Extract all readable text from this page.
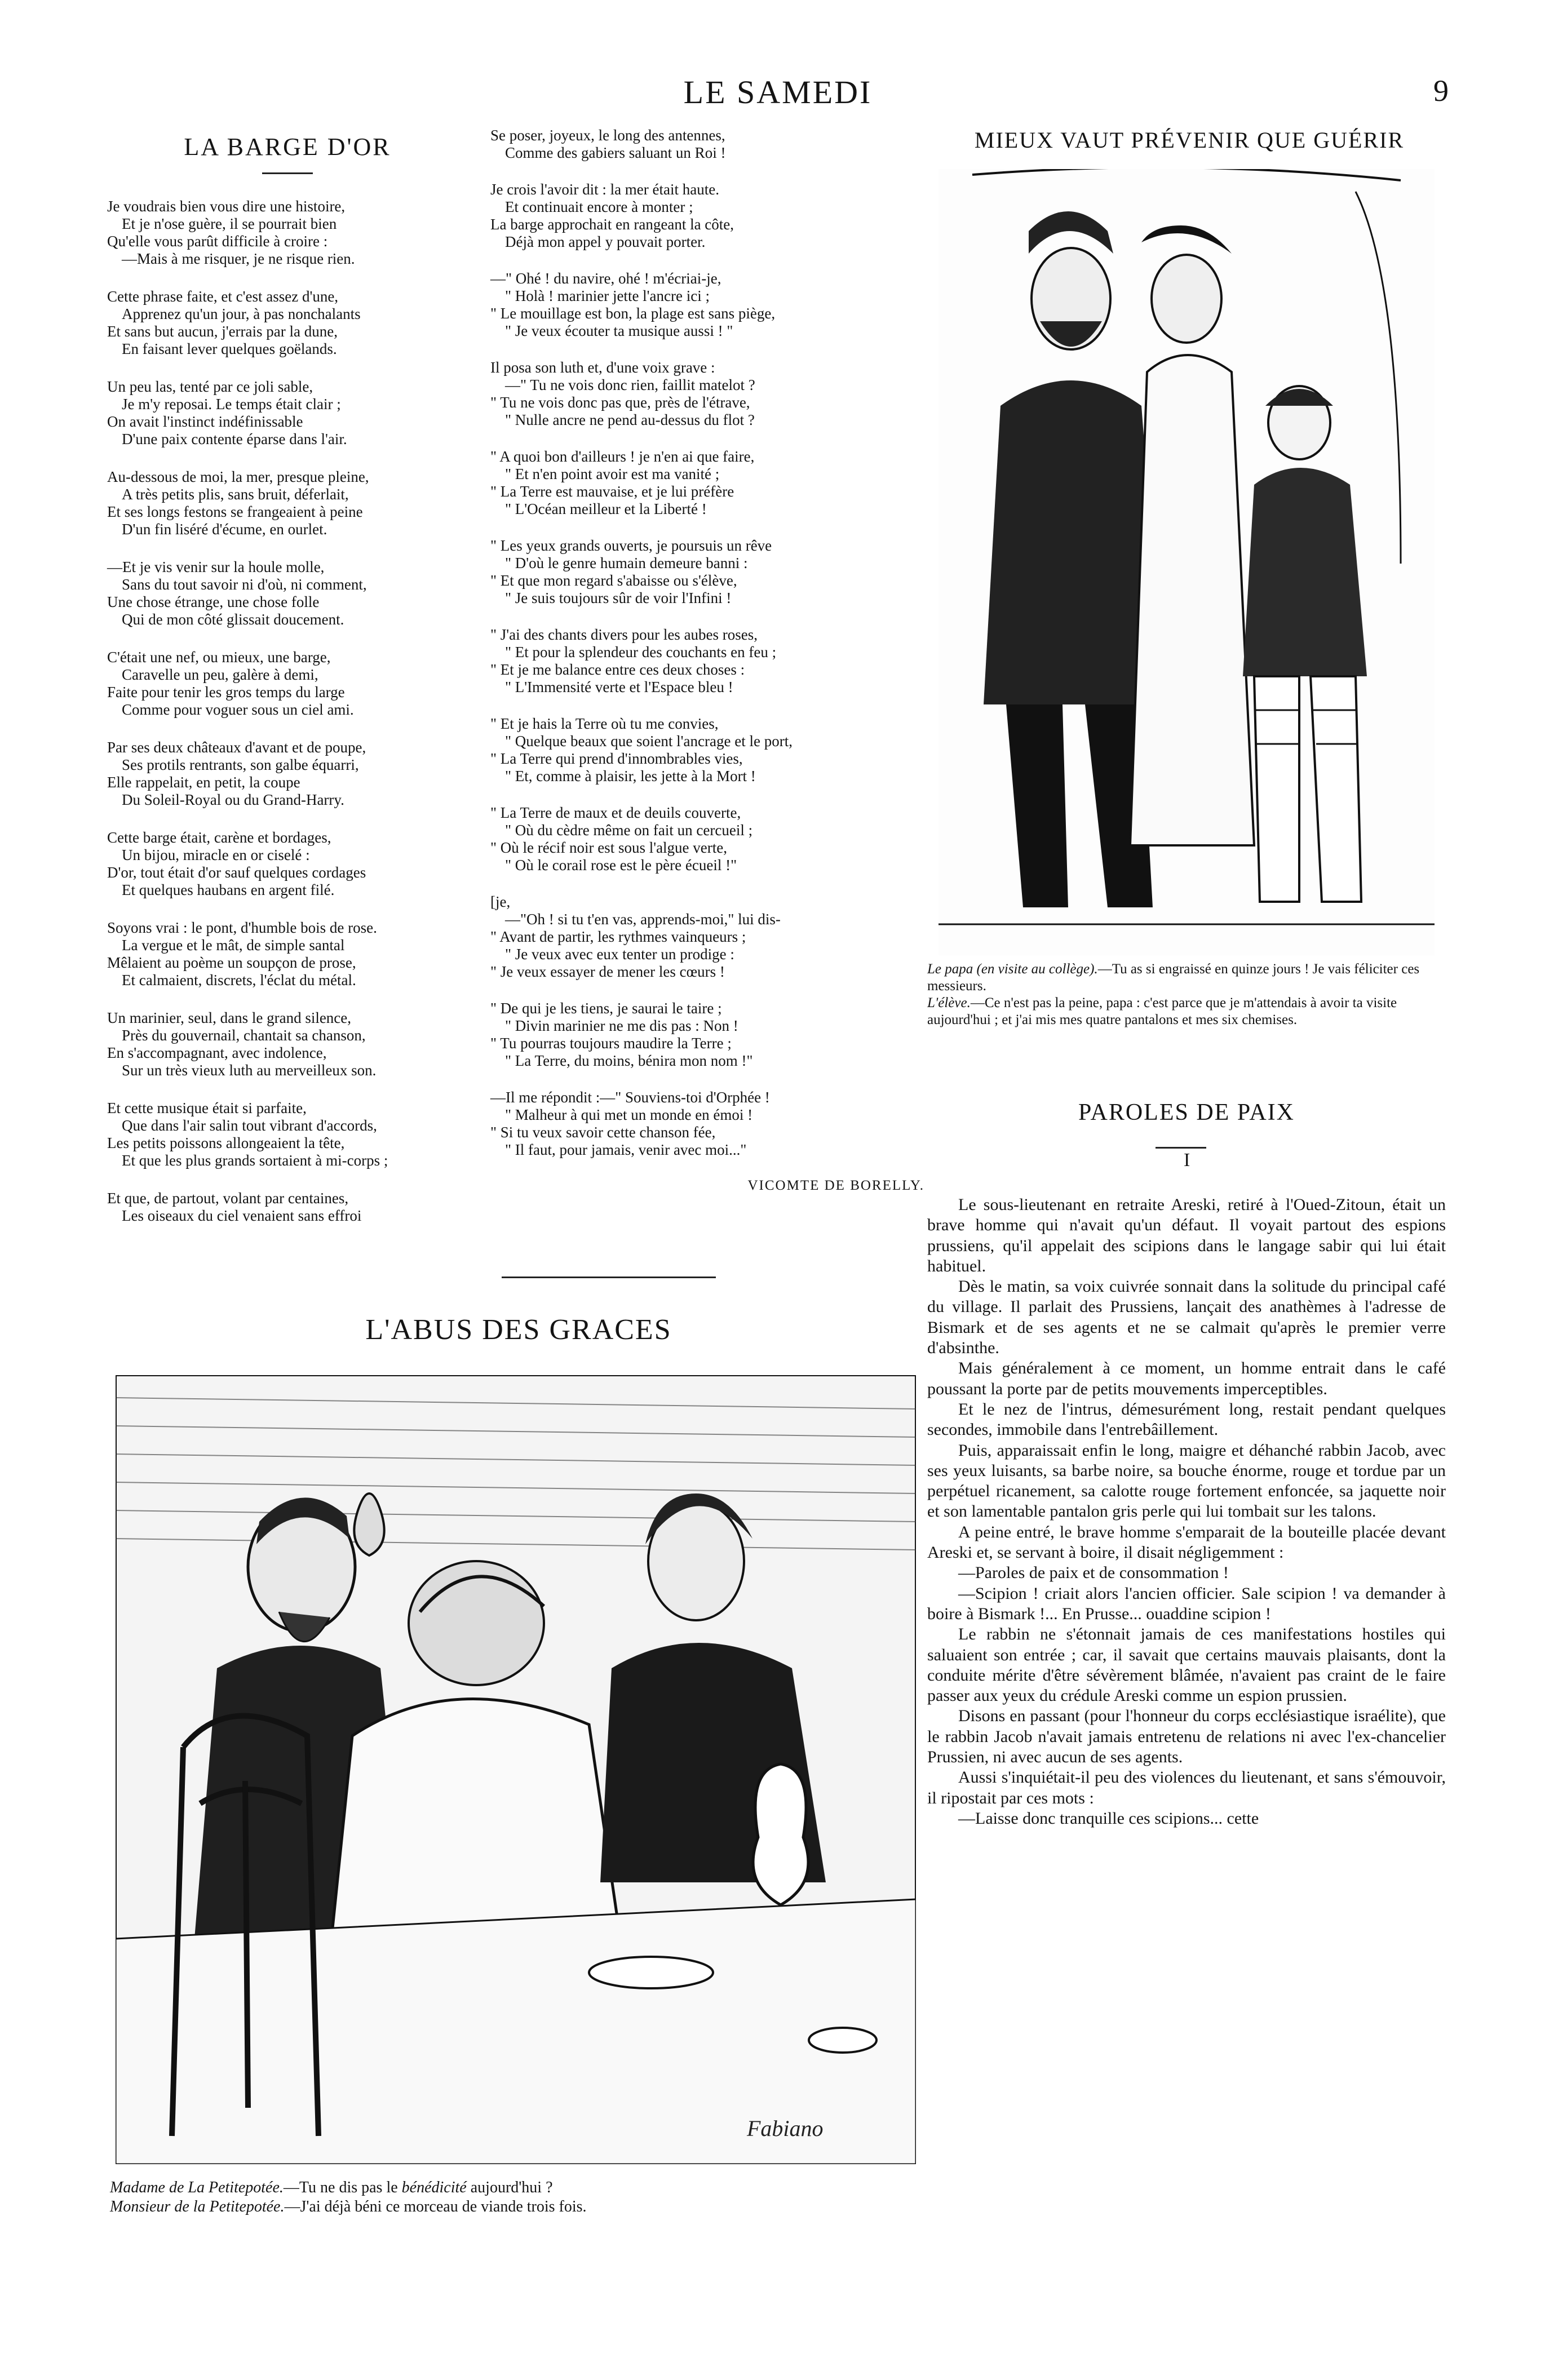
LE SAMEDI	9
LA BARGE D'OR
Je voudrais bien vous dire une histoire,
Et je n'ose guère, il se pourrait bien
Qu'elle vous parût difficile à croire :
—Mais à me risquer, je ne risque rien.
Cette phrase faite, et c'est assez d'une,
Apprenez qu'un jour, à pas nonchalants
Et sans but aucun, j'errais par la dune,
En faisant lever quelques goëlands.
Un peu las, tenté par ce joli sable,
Je m'y reposai. Le temps était clair ;
On avait l'instinct indéfinissable
D'une paix contente éparse dans l'air.
Au-dessous de moi, la mer, presque pleine,
A très petits plis, sans bruit, déferlait,
Et ses longs festons se frangeaient à peine
D'un fin liséré d'écume, en ourlet.
—Et je vis venir sur la houle molle,
Sans du tout savoir ni d'où, ni comment,
Une chose étrange, une chose folle
Qui de mon côté glissait doucement.
C'était une nef, ou mieux, une barge,
Caravelle un peu, galère à demi,
Faite pour tenir les gros temps du large
Comme pour voguer sous un ciel ami.
Par ses deux châteaux d'avant et de poupe,
Ses protils rentrants, son galbe équarri,
Elle rappelait, en petit, la coupe
Du Soleil-Royal ou du Grand-Harry.
Cette barge était, carène et bordages,
Un bijou, miracle en or ciselé :
D'or, tout était d'or sauf quelques cordages
Et quelques haubans en argent filé.
Soyons vrai : le pont, d'humble bois de rose.
La vergue et le mât, de simple santal
Mêlaient au poème un soupçon de prose,
Et calmaient, discrets, l'éclat du métal.
Un marinier, seul, dans le grand silence,
Près du gouvernail, chantait sa chanson,
En s'accompagnant, avec indolence,
Sur un très vieux luth au merveilleux son.
Et cette musique était si parfaite,
Que dans l'air salin tout vibrant d'accords,
Les petits poissons allongeaient la tête,
Et que les plus grands sortaient à mi-corps ;
Et que, de partout, volant par centaines,
Les oiseaux du ciel venaient sans effroi
Se poser, joyeux, le long des antennes,
Comme des gabiers saluant un Roi !
Je crois l'avoir dit : la mer était haute.
Et continuait encore à monter ;
La barge approchait en rangeant la côte,
Déjà mon appel y pouvait porter.
—" Ohé ! du navire, ohé ! m'écriai-je,
" Holà ! marinier jette l'ancre ici ;
" Le mouillage est bon, la plage est sans piège,
" Je veux écouter ta musique aussi ! "
Il posa son luth et, d'une voix grave :
—" Tu ne vois donc rien, faillit matelot ?
" Tu ne vois donc pas que, près de l'étrave,
" Nulle ancre ne pend au-dessus du flot ?
" A quoi bon d'ailleurs ! je n'en ai que faire,
" Et n'en point avoir est ma vanité ;
" La Terre est mauvaise, et je lui préfère
" L'Océan meilleur et la Liberté !
" Les yeux grands ouverts, je poursuis un rêve
" D'où le genre humain demeure banni :
" Et que mon regard s'abaisse ou s'élève,
" Je suis toujours sûr de voir l'Infini !
" J'ai des chants divers pour les aubes roses,
" Et pour la splendeur des couchants en feu ;
" Et je me balance entre ces deux choses :
" L'Immensité verte et l'Espace bleu !
" Et je hais la Terre où tu me convies,
" Quelque beaux que soient l'ancrage et le port,
" La Terre qui prend d'innombrables vies,
" Et, comme à plaisir, les jette à la Mort !
" La Terre de maux et de deuils couverte,
" Où du cèdre même on fait un cercueil ;
" Où le récif noir est sous l'algue verte,
" Où le corail rose est le père écueil !"
[je,
—"Oh ! si tu t'en vas, apprends-moi," lui dis-
" Avant de partir, les rythmes vainqueurs ;
" Je veux avec eux tenter un prodige :
" Je veux essayer de mener les cœurs !
" De qui je les tiens, je saurai le taire ;
" Divin marinier ne me dis pas : Non !
" Tu pourras toujours maudire la Terre ;
" La Terre, du moins, bénira mon nom !"
—Il me répondit :—" Souviens-toi d'Orphée !
" Malheur à qui met un monde en émoi !
" Si tu veux savoir cette chanson fée,
" Il faut, pour jamais, venir avec moi..."
VICOMTE DE BORELLY.
L'ABUS DES GRACES
Fabiano
Madame de La Petitepotée.—Tu ne dis pas le bénédicité aujourd'hui ?
Monsieur de la Petitepotée.—J'ai déjà béni ce morceau de viande trois fois.
MIEUX VAUT PRÉVENIR QUE GUÉRIR
Le papa (en visite au collège).—Tu as si engraissé en quinze jours ! Je vais féliciter ces messieurs.
L'élève.—Ce n'est pas la peine, papa : c'est parce que je m'attendais à avoir ta visite aujourd'hui ; et j'ai mis mes quatre pantalons et mes six chemises.
PAROLES DE PAIX
I

Le sous-lieutenant en retraite Areski, retiré à l'Oued-Zitoun, était un brave homme qui n'avait qu'un défaut. Il voyait partout des espions prussiens, qu'il appelait des scipions dans le langage sabir qui lui était habituel.

Dès le matin, sa voix cuivrée sonnait dans la solitude du principal café du village. Il parlait des Prussiens, lançait des anathèmes à l'adresse de Bismark et de ses agents et ne se calmait qu'après le premier verre d'absinthe.

Mais généralement à ce moment, un homme entrait dans le café poussant la porte par de petits mouvements imperceptibles.

Et le nez de l'intrus, démesurément long, restait pendant quelques secondes, immobile dans l'entrebâillement.

Puis, apparaissait enfin le long, maigre et déhanché rabbin Jacob, avec ses yeux luisants, sa barbe noire, sa bouche énorme, rouge et tordue par un perpétuel ricanement, sa calotte rouge fortement enfoncée, sa jaquette noir et son lamentable pantalon gris perle qui lui tombait sur les talons.

A peine entré, le brave homme s'emparait de la bouteille placée devant Areski et, se servant à boire, il disait négligemment :

—Paroles de paix et de consommation !

—Scipion ! criait alors l'ancien officier. Sale scipion ! va demander à boire à Bismark !... En Prusse... ouaddine scipion !

Le rabbin ne s'étonnait jamais de ces manifestations hostiles qui saluaient son entrée ; car, il savait que certains mauvais plaisants, dont la conduite mérite d'être sévèrement blâmée, n'avaient pas craint de le faire passer aux yeux du crédule Areski comme un espion prussien.

Disons en passant (pour l'honneur du corps ecclésiastique israélite), que le rabbin Jacob n'avait jamais entretenu de relations ni avec l'ex-chancelier Prussien, ni avec aucun de ses agents.

Aussi s'inquiétait-il peu des violences du lieutenant, et sans s'émouvoir, il ripostait par ces mots :

—Laisse donc tranquille ces scipions... cette
